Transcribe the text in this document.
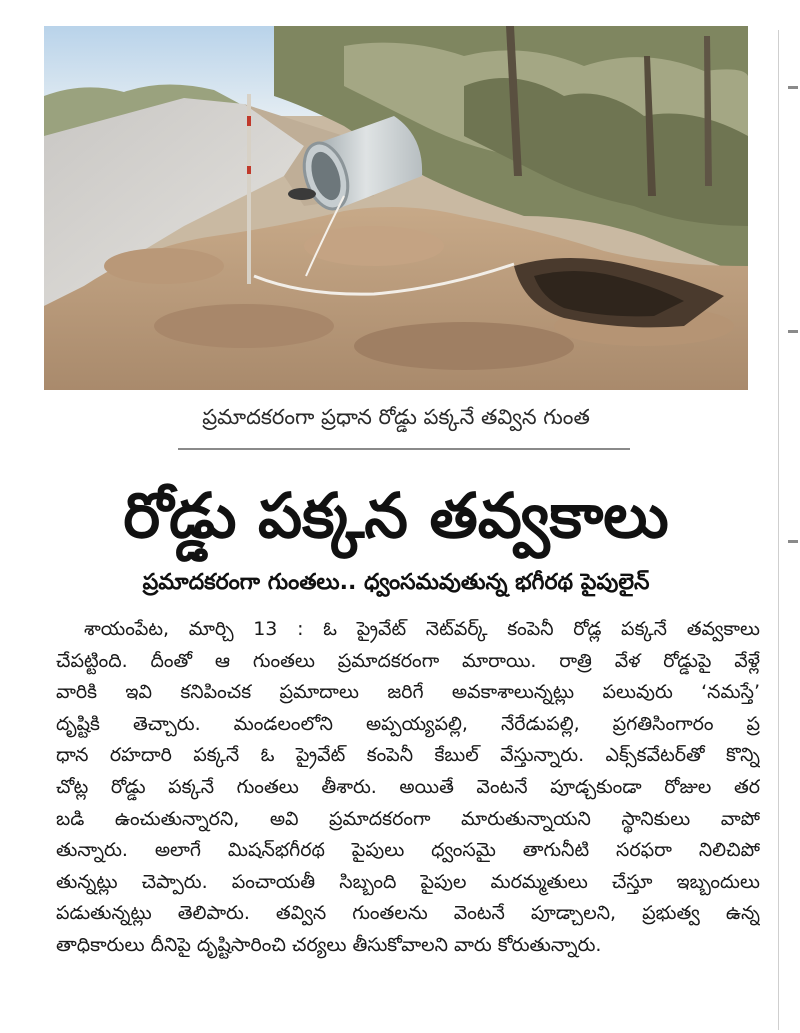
ప్రమాదకరంగా ప్రధాన రోడ్డు పక్కనే తవ్విన గుంత
రోడ్డు పక్కన తవ్వకాలు
ప్రమాదకరంగా గుంతలు.. ధ్వంసమవుతున్న భగీరథ పైపులైన్
శాయంపేట, మార్చి 13 : ఓ ప్రైవేట్ నెట్‌వర్క్ కంపెనీ రోడ్ల పక్కనే తవ్వకాలు
చేపట్టింది. దీంతో ఆ గుంతలు ప్రమాదకరంగా మారాయి. రాత్రి వేళ రోడ్డుపై వేళ్లే
వారికి ఇవి కనిపించక ప్రమాదాలు జరిగే అవకాశాలున్నట్లు పలువురు ‘నమస్తే’
దృష్టికి తెచ్చారు. మండలంలోని అప్పయ్యపల్లి, నేరేడుపల్లి, ప్రగతిసింగారం ప్ర
ధాన రహదారి పక్కనే ఓ ప్రైవేట్ కంపెనీ కేబుల్ వేస్తున్నారు. ఎక్స్‌కవేటర్‌తో కొన్ని
చోట్ల రోడ్డు పక్కనే గుంతలు తీశారు. అయితే వెంటనే పూడ్చకుండా రోజుల తర
బడి ఉంచుతున్నారని, అవి ప్రమాదకరంగా మారుతున్నాయని స్థానికులు వాపో
తున్నారు. అలాగే మిషన్‌భగీరథ పైపులు ధ్వంసమై తాగునీటి సరఫరా నిలిచిపో
తున్నట్లు చెప్పారు. పంచాయతీ సిబ్బంది పైపుల మరమ్మతులు చేస్తూ ఇబ్బందులు
పడుతున్నట్లు తెలిపారు. తవ్విన గుంతలను వెంటనే పూడ్చాలని, ప్రభుత్వ ఉన్న
తాధికారులు దీనిపై దృష్టిసారించి చర్యలు తీసుకోవాలని వారు కోరుతున్నారు.
